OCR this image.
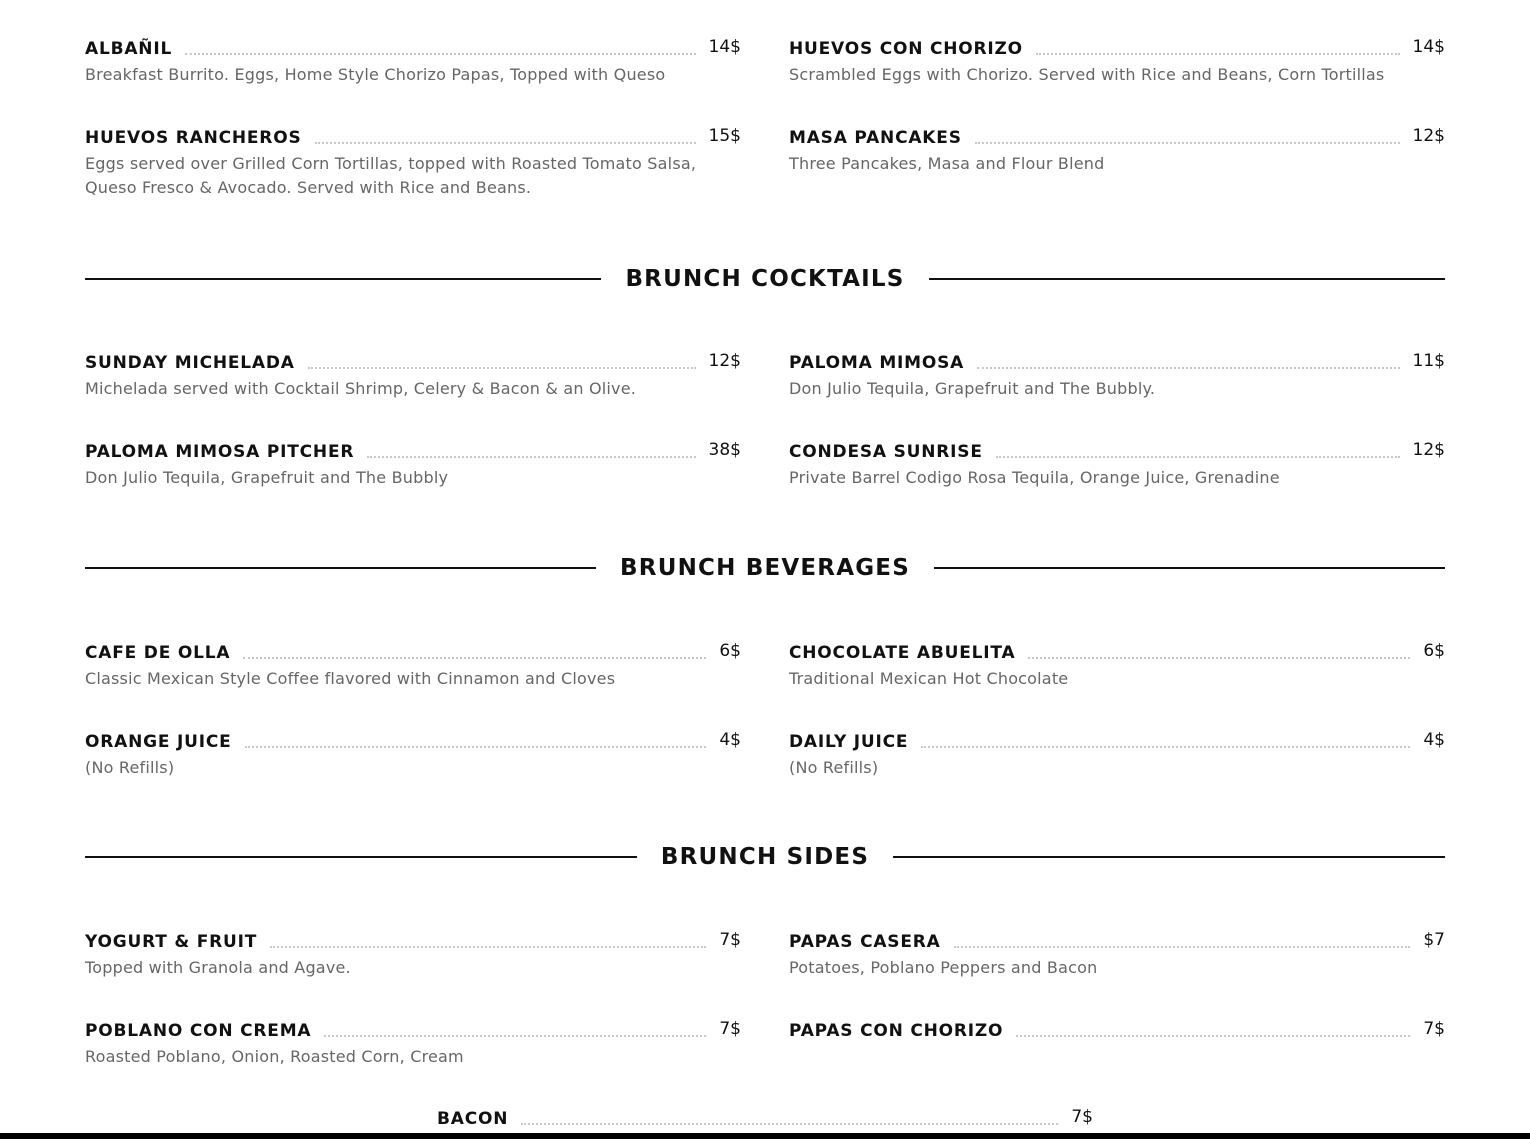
ALBAÑIL	14$
Breakfast Burrito. Eggs, Home Style Chorizo Papas, Topped with Queso
HUEVOS CON CHORIZO	14$
Scrambled Eggs with Chorizo. Served with Rice and Beans, Corn Tortillas
HUEVOS RANCHEROS	15$
Eggs served over Grilled Corn Tortillas, topped with Roasted Tomato Salsa, Queso Fresco & Avocado. Served with Rice and Beans.
MASA PANCAKES	12$
Three Pancakes, Masa and Flour Blend
BRUNCH COCKTAILS
SUNDAY MICHELADA	12$
Michelada served with Cocktail Shrimp, Celery & Bacon & an Olive.
PALOMA MIMOSA	11$
Don Julio Tequila, Grapefruit and The Bubbly.
PALOMA MIMOSA PITCHER	38$
Don Julio Tequila, Grapefruit and The Bubbly
CONDESA SUNRISE	12$
Private Barrel Codigo Rosa Tequila, Orange Juice, Grenadine
BRUNCH BEVERAGES
CAFE DE OLLA	6$
Classic Mexican Style Coffee flavored with Cinnamon and Cloves
CHOCOLATE ABUELITA	6$
Traditional Mexican Hot Chocolate
ORANGE JUICE	4$
(No Refills)
DAILY JUICE	4$
(No Refills)
BRUNCH SIDES
YOGURT & FRUIT	7$
Topped with Granola and Agave.
PAPAS CASERA	$7
Potatoes, Poblano Peppers and Bacon
POBLANO CON CREMA	7$
Roasted Poblano, Onion, Roasted Corn, Cream
PAPAS CON CHORIZO	7$
BACON	7$
